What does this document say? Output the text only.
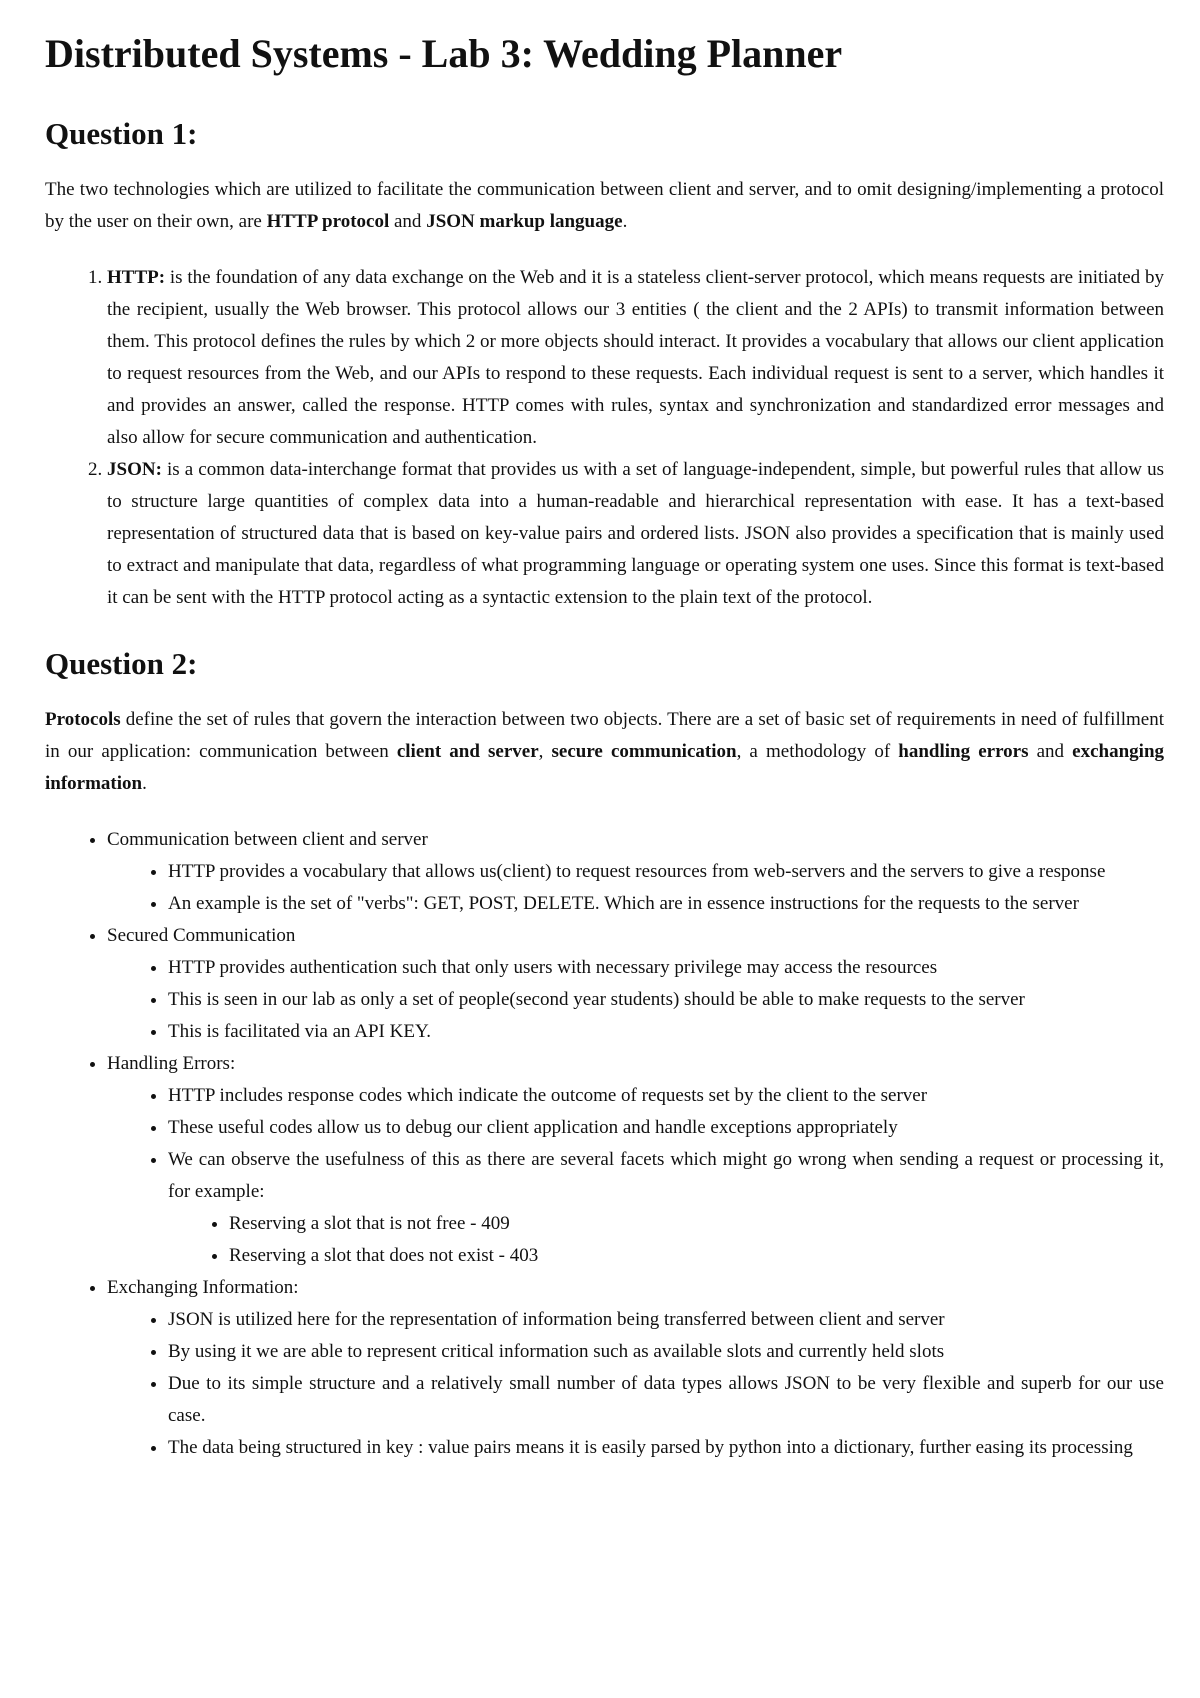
Distributed Systems - Lab 3: Wedding Planner
Question 1:

The two technologies which are utilized to facilitate the communication between client and server, and to omit designing/implementing a protocol by the user on their own, are HTTP protocol and JSON markup language.

1. HTTP: is the foundation of any data exchange on the Web and it is a stateless client-server protocol, which means requests are initiated by the recipient, usually the Web browser. This protocol allows our 3 entities ( the client and the 2 APIs) to transmit information between them. This protocol defines the rules by which 2 or more objects should interact. It provides a vocabulary that allows our client application to request resources from the Web, and our APIs to respond to these requests. Each individual request is sent to a server, which handles it and provides an answer, called the response. HTTP comes with rules, syntax and synchronization and standardized error messages and also allow for secure communication and authentication.
2. JSON: is a common data-interchange format that provides us with a set of language-independent, simple, but powerful rules that allow us to structure large quantities of complex data into a human-readable and hierarchical representation with ease. It has a text-based representation of structured data that is based on key-value pairs and ordered lists. JSON also provides a specification that is mainly used to extract and manipulate that data, regardless of what programming language or operating system one uses. Since this format is text-based it can be sent with the HTTP protocol acting as a syntactic extension to the plain text of the protocol.
Question 2:

Protocols define the set of rules that govern the interaction between two objects. There are a set of basic set of requirements in need of fulfillment in our application: communication between client and server, secure communication, a methodology of handling errors and exchanging information.

• Communication between client and server
• HTTP provides a vocabulary that allows us(client) to request resources from web-servers and the servers to give a response
• An example is the set of "verbs": GET, POST, DELETE. Which are in essence instructions for the requests to the server
• Secured Communication
• HTTP provides authentication such that only users with necessary privilege may access the resources
• This is seen in our lab as only a set of people(second year students) should be able to make requests to the server
• This is facilitated via an API KEY.
• Handling Errors:
• HTTP includes response codes which indicate the outcome of requests set by the client to the server
• These useful codes allow us to debug our client application and handle exceptions appropriately
• We can observe the usefulness of this as there are several facets which might go wrong when sending a request or processing it, for example:
• Reserving a slot that is not free - 409
• Reserving a slot that does not exist - 403
• Exchanging Information:
• JSON is utilized here for the representation of information being transferred between client and server
• By using it we are able to represent critical information such as available slots and currently held slots
• Due to its simple structure and a relatively small number of data types allows JSON to be very flexible and superb for our use case.
• The data being structured in key : value pairs means it is easily parsed by python into a dictionary, further easing its processing
